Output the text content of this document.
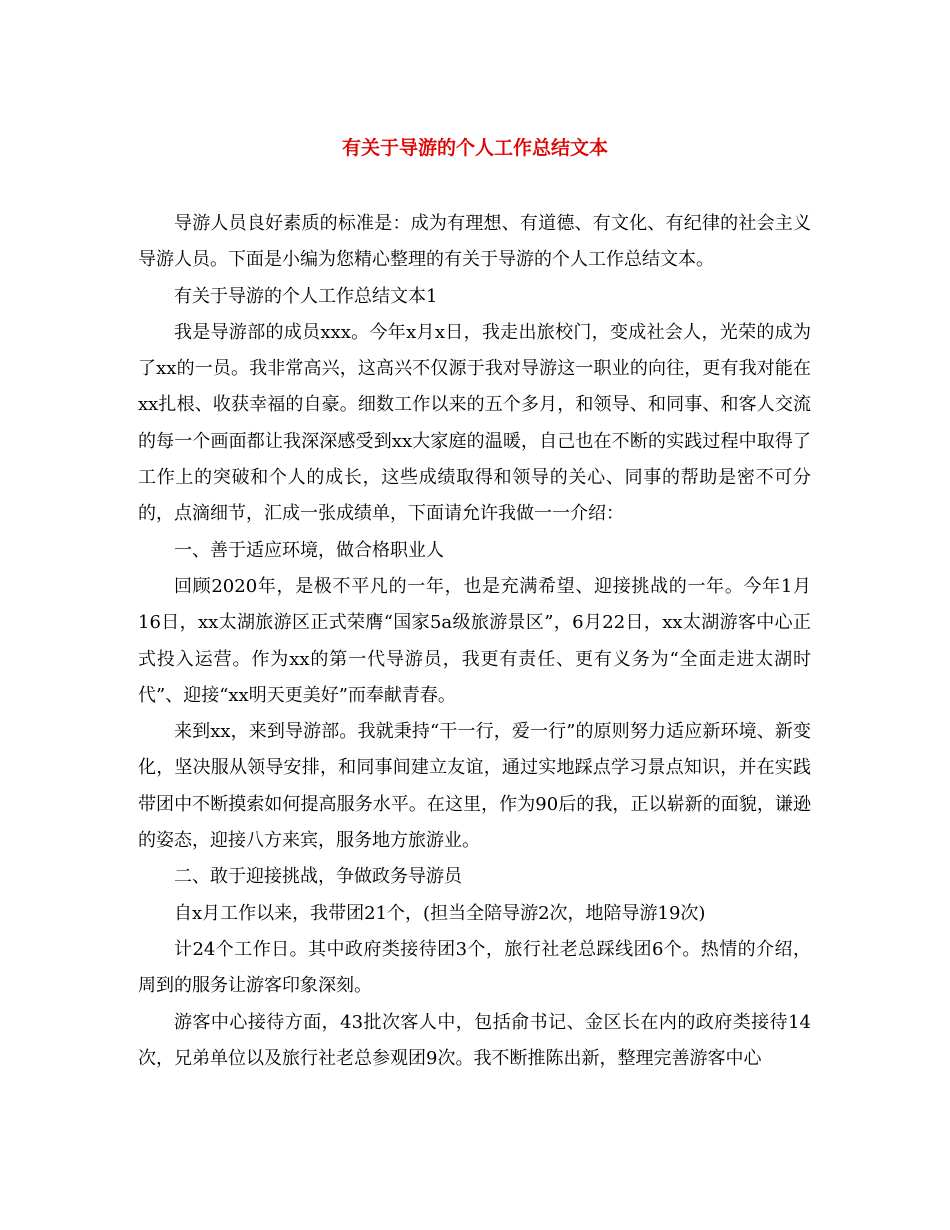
有关于导游的个人工作总结文本

导游人员良好素质的标准是：成为有理想、有道德、有文化、有纪律的社会主义导游人员。下面是小编为您精心整理的有关于导游的个人工作总结文本。

有关于导游的个人工作总结文本1

我是导游部的成员xxx。今年x月x日，我走出旅校门，变成社会人，光荣的成为了xx的一员。我非常高兴，这高兴不仅源于我对导游这一职业的向往，更有我对能在xx扎根、收获幸福的自豪。细数工作以来的五个多月，和领导、和同事、和客人交流的每一个画面都让我深深感受到xx大家庭的温暖，自己也在不断的实践过程中取得了工作上的突破和个人的成长，这些成绩取得和领导的关心、同事的帮助是密不可分的，点滴细节，汇成一张成绩单，下面请允许我做一一介绍：

一、善于适应环境，做合格职业人

回顾2020年，是极不平凡的一年，也是充满希望、迎接挑战的一年。今年1月16日，xx太湖旅游区正式荣膺“国家5a级旅游景区”，6月22日，xx太湖游客中心正式投入运营。作为xx的第一代导游员，我更有责任、更有义务为“全面走进太湖时代”、迎接“xx明天更美好”而奉献青春。

来到xx，来到导游部。我就秉持“干一行，爱一行”的原则努力适应新环境、新变化，坚决服从领导安排，和同事间建立友谊，通过实地踩点学习景点知识，并在实践带团中不断摸索如何提高服务水平。在这里，作为90后的我，正以崭新的面貌，谦逊的姿态，迎接八方来宾，服务地方旅游业。

二、敢于迎接挑战，争做政务导游员

自x月工作以来，我带团21个，(担当全陪导游2次，地陪导游19次)

计24个工作日。其中政府类接待团3个，旅行社老总踩线团6个。热情的介绍，周到的服务让游客印象深刻。

游客中心接待方面，43批次客人中，包括俞书记、金区长在内的政府类接待14次，兄弟单位以及旅行社老总参观团9次。我不断推陈出新，整理完善游客中心
